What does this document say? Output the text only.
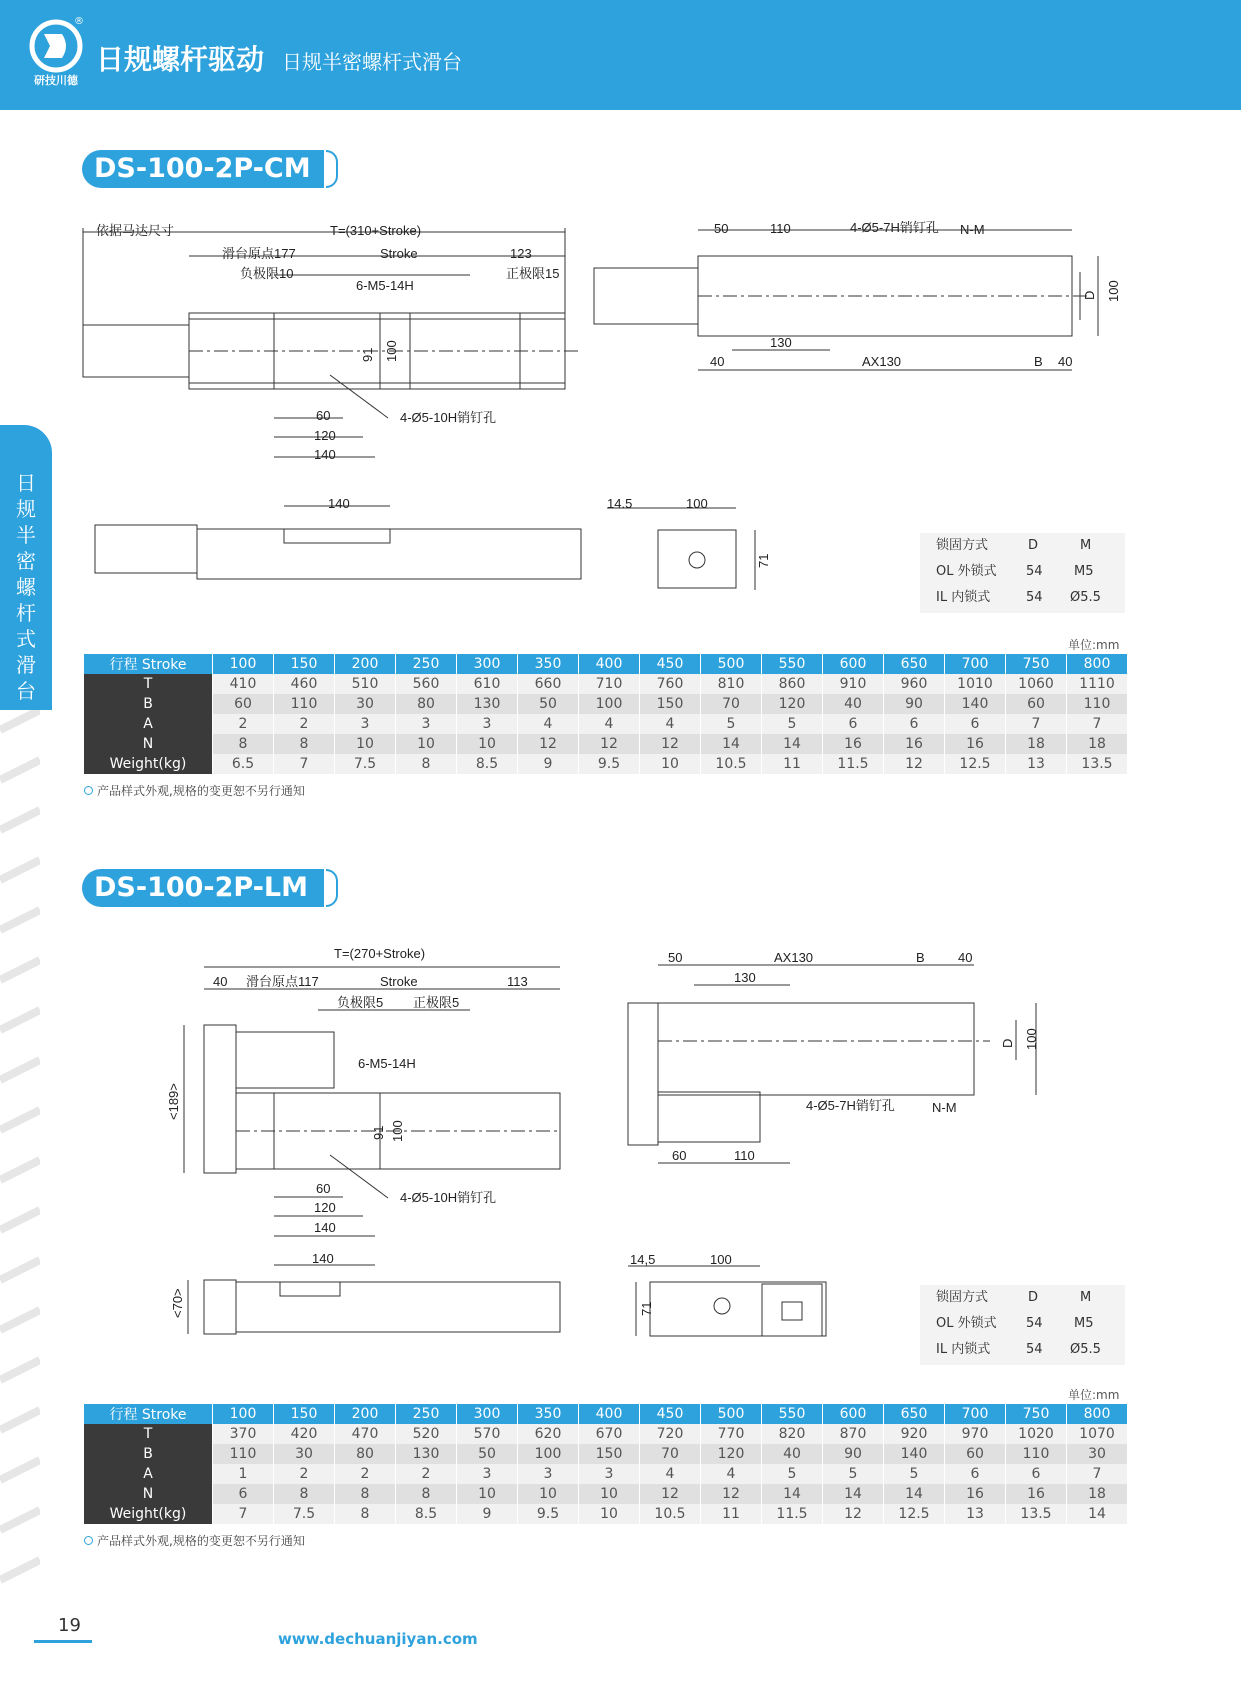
®
研技川德
日规螺杆驱动 日规半密螺杆式滑台
日规半密螺杆式滑台
DS-100-2P-CM
DS-100-2P-LM
依据马达尺寸	T=(310+Stroke)
滑台原点177	Stroke	123
负极限10	正极限15
6-M5-14H
91 100
60
120
140
4-Ø5-10H销钉孔
50	110	4-Ø5-7H销钉孔 N-M
D 100
130
40	AX130	B 40
140	14.5	100
71
T=(270+Stroke)
40 滑台原点117	Stroke	113
负极限5 正极限5
6-M5-14H
<189>
91 100
60
120
140
4-Ø5-10H销钉孔
50	AX130	B	40
130
D 100
4-Ø5-7H销钉孔	N-M
60	110
140
<70>
14,5	100
71
锁固方式	D	M
OL 外锁式 54 M5
IL 内锁式	54 Ø5.5
锁固方式	D	M
OL 外锁式 54 M5
IL 内锁式	54 Ø5.5
单位:mm
单位:mm
行程 Stroke	100	150	200	250	300	350	400	450	500	550	600	650	700	750	800
T	410	460	510	560	610	660	710	760	810	860	910	960	1010	1060	1110
B	60	110	30	80	130	50	100	150	70	120	40	90	140	60	110
A	2	2	3	3	3	4	4	4	5	5	6	6	6	7	7
N	8	8	10	10	10	12	12	12	14	14	16	16	16	18	18
Weight(kg)	6.5	7	7.5	8	8.5	9	9.5	10	10.5	11	11.5	12	12.5	13	13.5
产品样式外观,规格的变更恕不另行通知
行程 Stroke	100	150	200	250	300	350	400	450	500	550	600	650	700	750	800
T	370	420	470	520	570	620	670	720	770	820	870	920	970	1020	1070
B	110	30	80	130	50	100	150	70	120	40	90	140	60	110	30
A	1	2	2	2	3	3	3	4	4	5	5	5	6	6	7
N	6	8	8	8	10	10	10	12	12	14	14	14	16	16	18
Weight(kg)	7	7.5	8	8.5	9	9.5	10	10.5	11	11.5	12	12.5	13	13.5	14
产品样式外观,规格的变更恕不另行通知
19
www.dechuanjiyan.com
